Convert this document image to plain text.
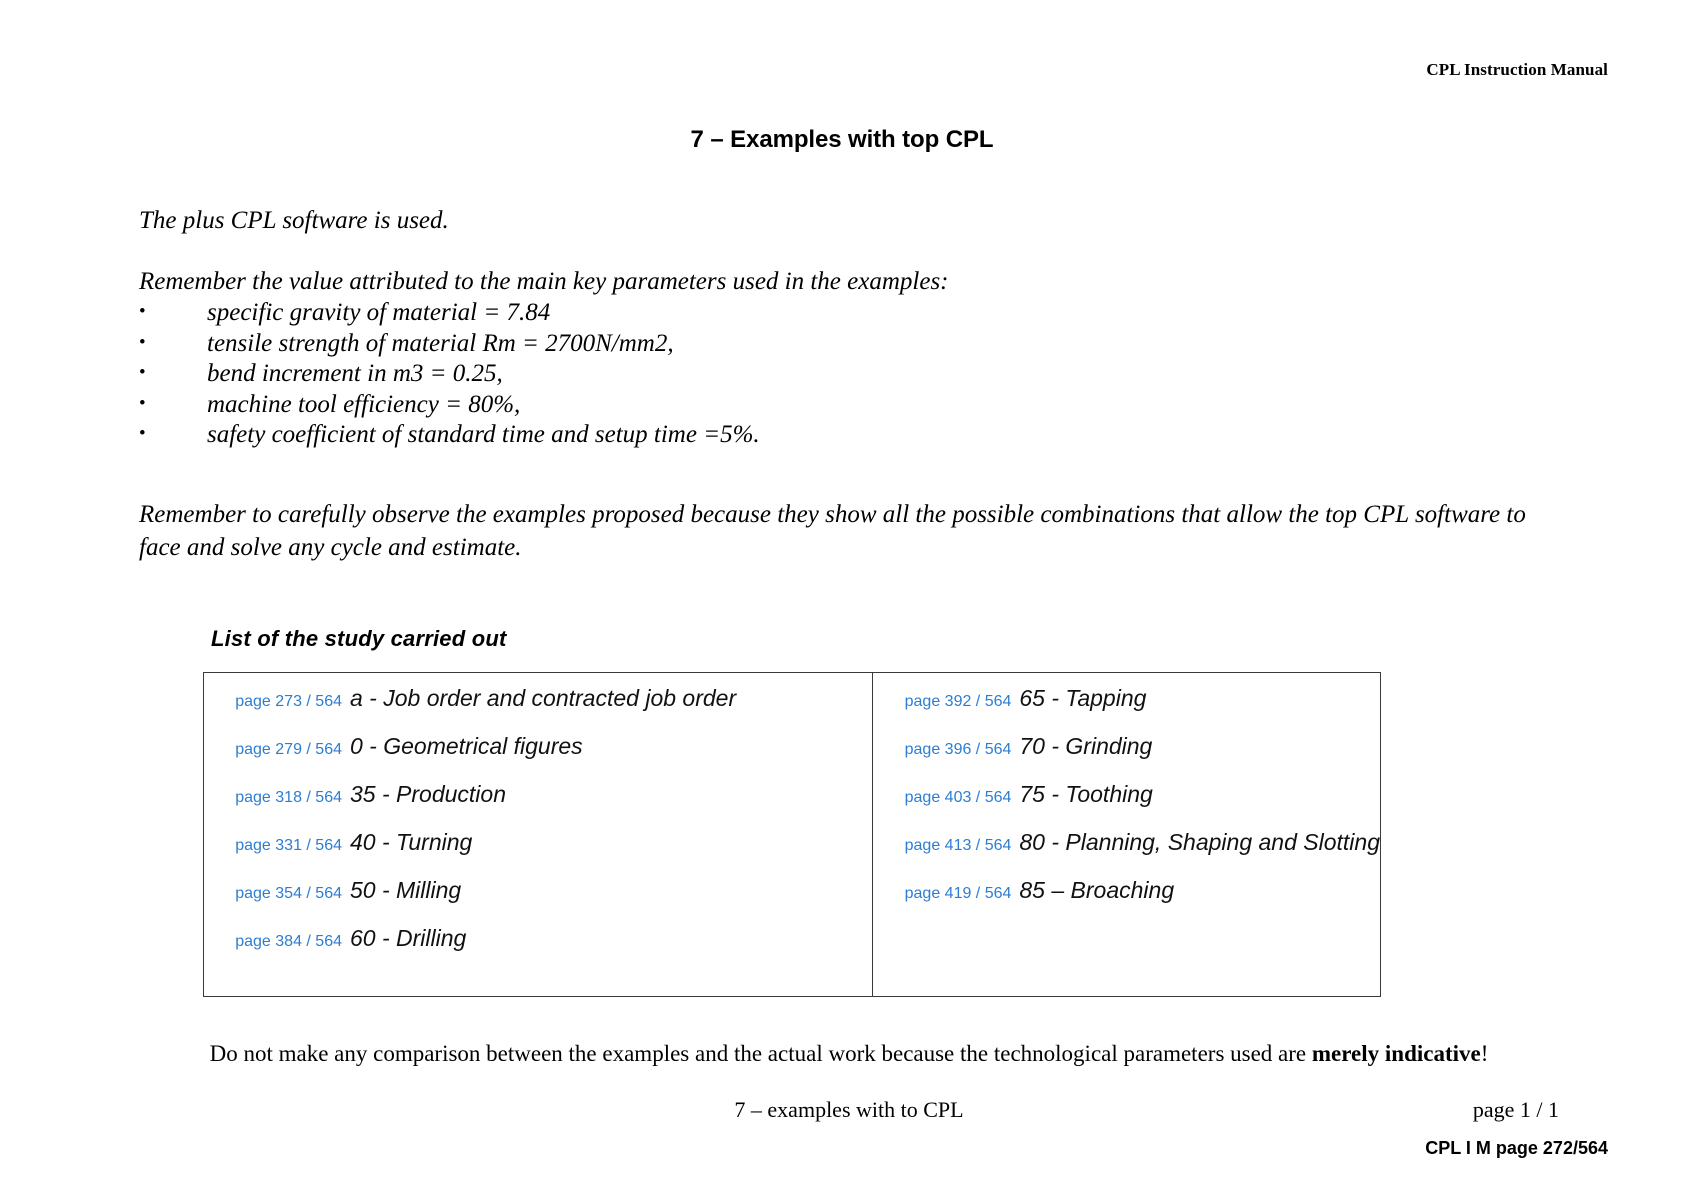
CPL Instruction Manual
7 – Examples with top CPL

The plus CPL software is used.

Remember the value attributed to the main key parameters used in the examples:

• specific gravity of material = 7.84
• tensile strength of material Rm = 2700N/mm2,
• bend increment in m3 = 0.25,
• machine tool efficiency = 80%,
• safety coefficient of standard time and setup time =5%.
Remember to carefully observe the examples proposed because they show all the possible combinations that allow the top CPL software to face and solve any cycle and estimate.
List of the study carried out
page 273 / 564 a - Job order and contracted job order
page 279 / 564 0 - Geometrical figures
page 318 / 564 35 - Production
page 331 / 564 40 - Turning
page 354 / 564 50 - Milling
page 384 / 564 60 - Drilling
page 392 / 564 65 - Tapping
page 396 / 564 70 - Grinding
page 403 / 564 75 - Toothing
page 413 / 564 80 - Planning, Shaping and Slotting
page 419 / 564 85 – Broaching
Do not make any comparison between the examples and the actual work because the technological parameters used are merely indicative!
7 – examples with to CPL	page 1 / 1
CPL I M page 272/564
